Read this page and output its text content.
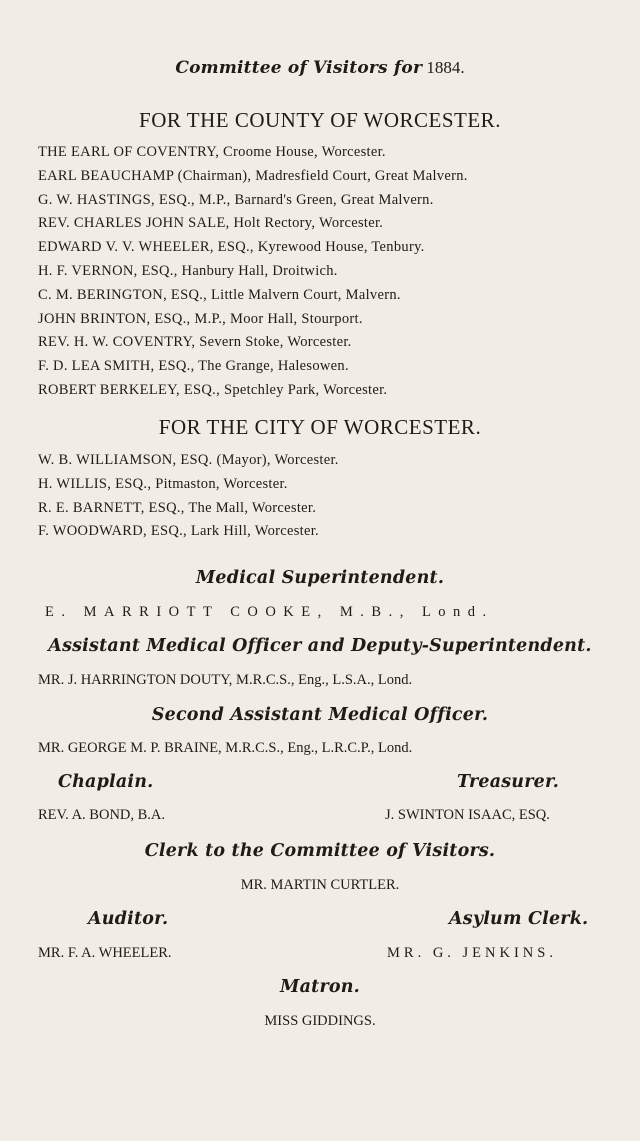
Committee of Visitors for 1884.
FOR THE COUNTY OF WORCESTER.
THE EARL OF COVENTRY, Croome House, Worcester.
EARL BEAUCHAMP (Chairman), Madresfield Court, Great Malvern.
G. W. HASTINGS, ESQ., M.P., Barnard's Green, Great Malvern.
REV. CHARLES JOHN SALE, Holt Rectory, Worcester.
EDWARD V. V. WHEELER, ESQ., Kyrewood House, Tenbury.
H. F. VERNON, ESQ., Hanbury Hall, Droitwich.
C. M. BERINGTON, ESQ., Little Malvern Court, Malvern.
JOHN BRINTON, ESQ., M.P., Moor Hall, Stourport.
REV. H. W. COVENTRY, Severn Stoke, Worcester.
F. D. LEA SMITH, ESQ., The Grange, Halesowen.
ROBERT BERKELEY, ESQ., Spetchley Park, Worcester.
FOR THE CITY OF WORCESTER.
W. B. WILLIAMSON, ESQ. (Mayor), Worcester.
H. WILLIS, ESQ., Pitmaston, Worcester.
R. E. BARNETT, ESQ., The Mall, Worcester.
F. WOODWARD, ESQ., Lark Hill, Worcester.
Medical Superintendent.
E. MARRIOTT COOKE, M.B., Lond.
Assistant Medical Officer and Deputy-Superintendent.
MR. J. HARRINGTON DOUTY, M.R.C.S., Eng., L.S.A., Lond.
Second Assistant Medical Officer.
MR. GEORGE M. P. BRAINE, M.R.C.S., Eng., L.R.C.P., Lond.
Chaplain.
REV. A. BOND, B.A.
Treasurer.
J. SWINTON ISAAC, ESQ.
Clerk to the Committee of Visitors.
MR. MARTIN CURTLER.
Auditor.
MR. F. A. WHEELER.
Asylum Clerk.
MR. G. JENKINS.
Matron.
MISS GIDDINGS.
